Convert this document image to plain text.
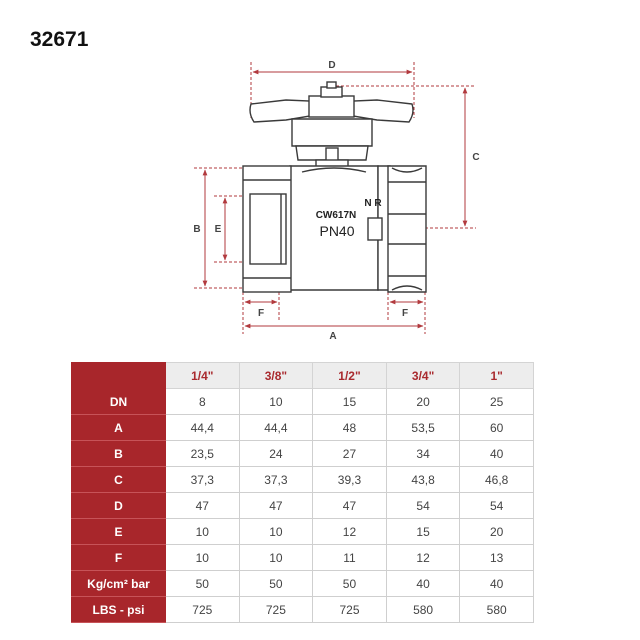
32671
CW617N
PN40
N R
D
C
B E
F	F
A
	1/4"	3/8"	1/2"	3/4"	1"
DN	8	10	15	20	25
A	44,4	44,4	48	53,5	60
B	23,5	24	27	34	40
C	37,3	37,3	39,3	43,8	46,8
D	47	47	47	54	54
E	10	10	12	15	20
F	10	10	11	12	13
Kg/cm² bar	50	50	50	40	40
LBS - psi	725	725	725	580	580
